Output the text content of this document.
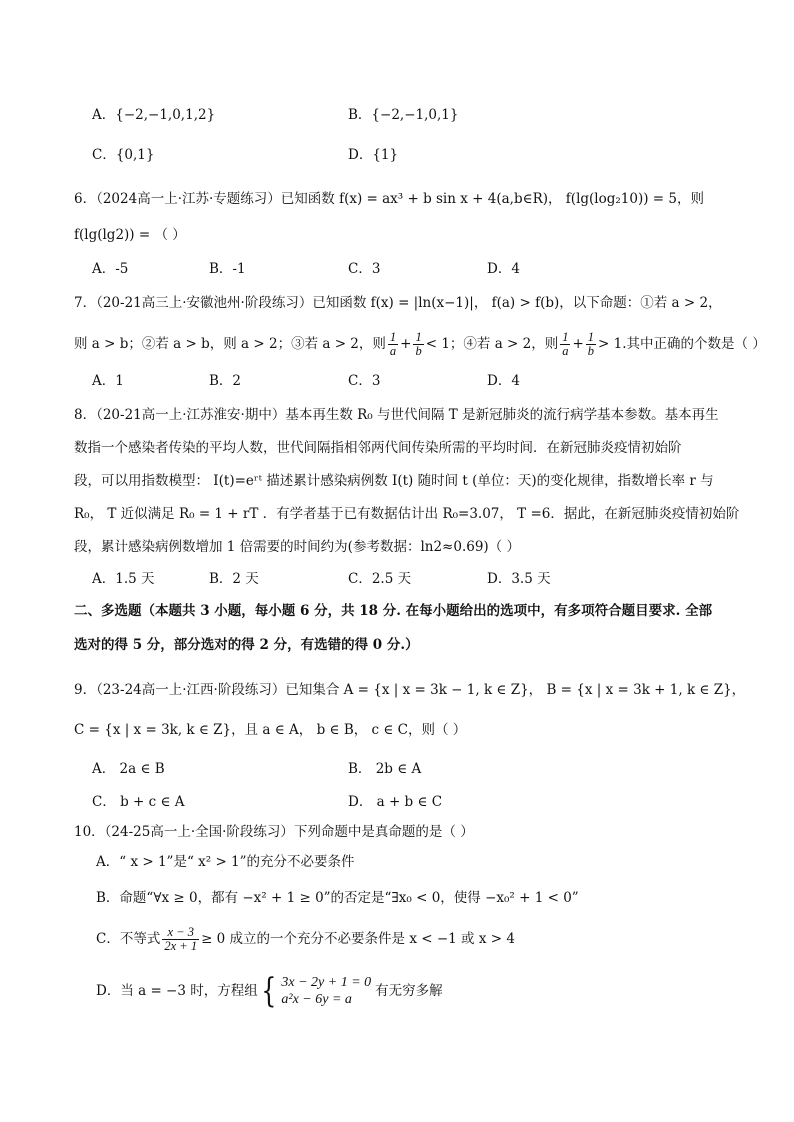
A．{−2,−1,0,1,2}	B．{−2,−1,0,1}
C．{0,1}	D．{1}
6．（2024高一上·江苏·专题练习）已知函数 f(x) = ax³ + b sin x + 4(a,b∈R)， f(lg(log₂10)) = 5，则
f(lg(lg2)) = （ ）
A．-5	B．-1	C．3	D．4
7．（20-21高三上·安徽池州·阶段练习）已知函数 f(x) = |ln(x−1)|， f(a) > f(b)，以下命题：①若 a > 2，
则 a > b；②若 a > b，则 a > 2；③若 a > 2，则 $\frac{1}{a} + \frac{1}{b} < 1$；④若 a > 2，则 $\frac{1}{a} + \frac{1}{b} > 1$.其中正确的个数是（ ）
A．1	B．2	C．3	D．4
8．（20-21高一上·江苏淮安·期中）基本再生数 R₀ 与世代间隔 T 是新冠肺炎的流行病学基本参数。基本再生
数指一个感染者传染的平均人数，世代间隔指相邻两代间传染所需的平均时间．在新冠肺炎疫情初始阶
段，可以用指数模型： I(t)=eʳᵗ 描述累计感染病例数 I(t) 随时间 t (单位：天)的变化规律，指数增长率 r 与
R₀， T 近似满足 R₀ = 1 + rT ．有学者基于已有数据估计出 R₀=3.07， T =6．据此，在新冠肺炎疫情初始阶
段，累计感染病例数增加 1 倍需要的时间约为(参考数据：ln2≈0.69)（ ）
A．1.5 天	B．2 天	C．2.5 天	D．3.5 天
二、多选题（本题共 3 小题，每小题 6 分，共 18 分. 在每小题给出的选项中，有多项符合题目要求. 全部
选对的得 5 分，部分选对的得 2 分，有选错的得 0 分.）
9．（23-24高一上·江西·阶段练习）已知集合 A = {x | x = 3k − 1, k ∈ Z}， B = {x | x = 3k + 1, k ∈ Z}，
C = {x | x = 3k, k ∈ Z}，且 a ∈ A， b ∈ B， c ∈ C，则（ ）
A． 2a ∈ B	B． 2b ∈ A
C． b + c ∈ A	D． a + b ∈ C
10．（24-25高一上·全国·阶段练习）下列命题中是真命题的是（ ）
A．“ x > 1”是“ x² > 1”的充分不必要条件
B．命题“∀x ≥ 0，都有 −x² + 1 ≥ 0”的否定是“∃x₀ < 0，使得 −x₀² + 1 < 0”
C．不等式 $\frac{x - 3}{2x + 1} \ge 0$ 成立的一个充分不必要条件是 x < −1 或 x > 4
D．当 a = −3 时，方程组 { 3x − 2y + 1 = 0
a²x − 6y = a
有无穷多解
